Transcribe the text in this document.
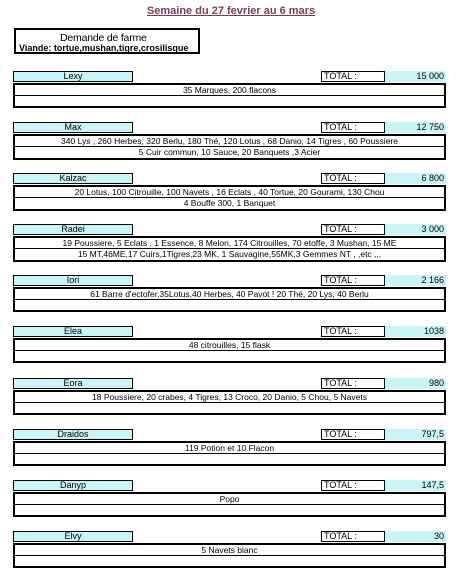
Semaine du 27 fevrier au 6 mars
Demande de farme
Viande: tortue,mushan,tigre,crosilisque
Lexy	TOTAL :	15 000
35 Marques, 200 flacons
Max	TOTAL :	12 750
340 Lys , 260 Herbes, 320 Berlu, 180 Thé, 120 Lotus , 68 Danio, 14 Tigres , 60 Poussiere
5 Cuir commun, 10 Sauce, 20 Banquets ,3 Acier
Kalzac	TOTAL :	6 800
20 Lotus, 100 Citrouille, 100 Navets , 16 Eclats , 40 Tortue, 20 Gourami, 130 Chou
4 Bouffe 300, 1 Banquet
Radei	TOTAL :	3 000
19 Poussiere, 5 Eclats , 1 Essence, 8 Melon, 174 Citrouilles, 70 etoffe, 3 Mushan, 15 ME
15 MT,46ME,17 Cuirs,1Tigres,23 MK, 1 Sauvagine,55MK,3 Gemmes NT , ,etc ,,,
Iori	TOTAL :	2 166
61 Barre d'ectofer,35Lotus,40 Herbes, 40 Pavot ! 20 Thé, 20 Lys, 40 Berlu
Elea	TOTAL :	1038
48 citrouilles, 15 flask
Eora	TOTAL :	980
18 Poussiere, 20 crabes, 4 Tigres, 13 Croco, 20 Danio, 5 Chou, 5 Navets
Draidos	TOTAL :	797,5
119 Potion et 10 Flacon
Danyp	TOTAL :	147,5
Popo
Elvy	TOTAL :	30
5 Navets blanc
